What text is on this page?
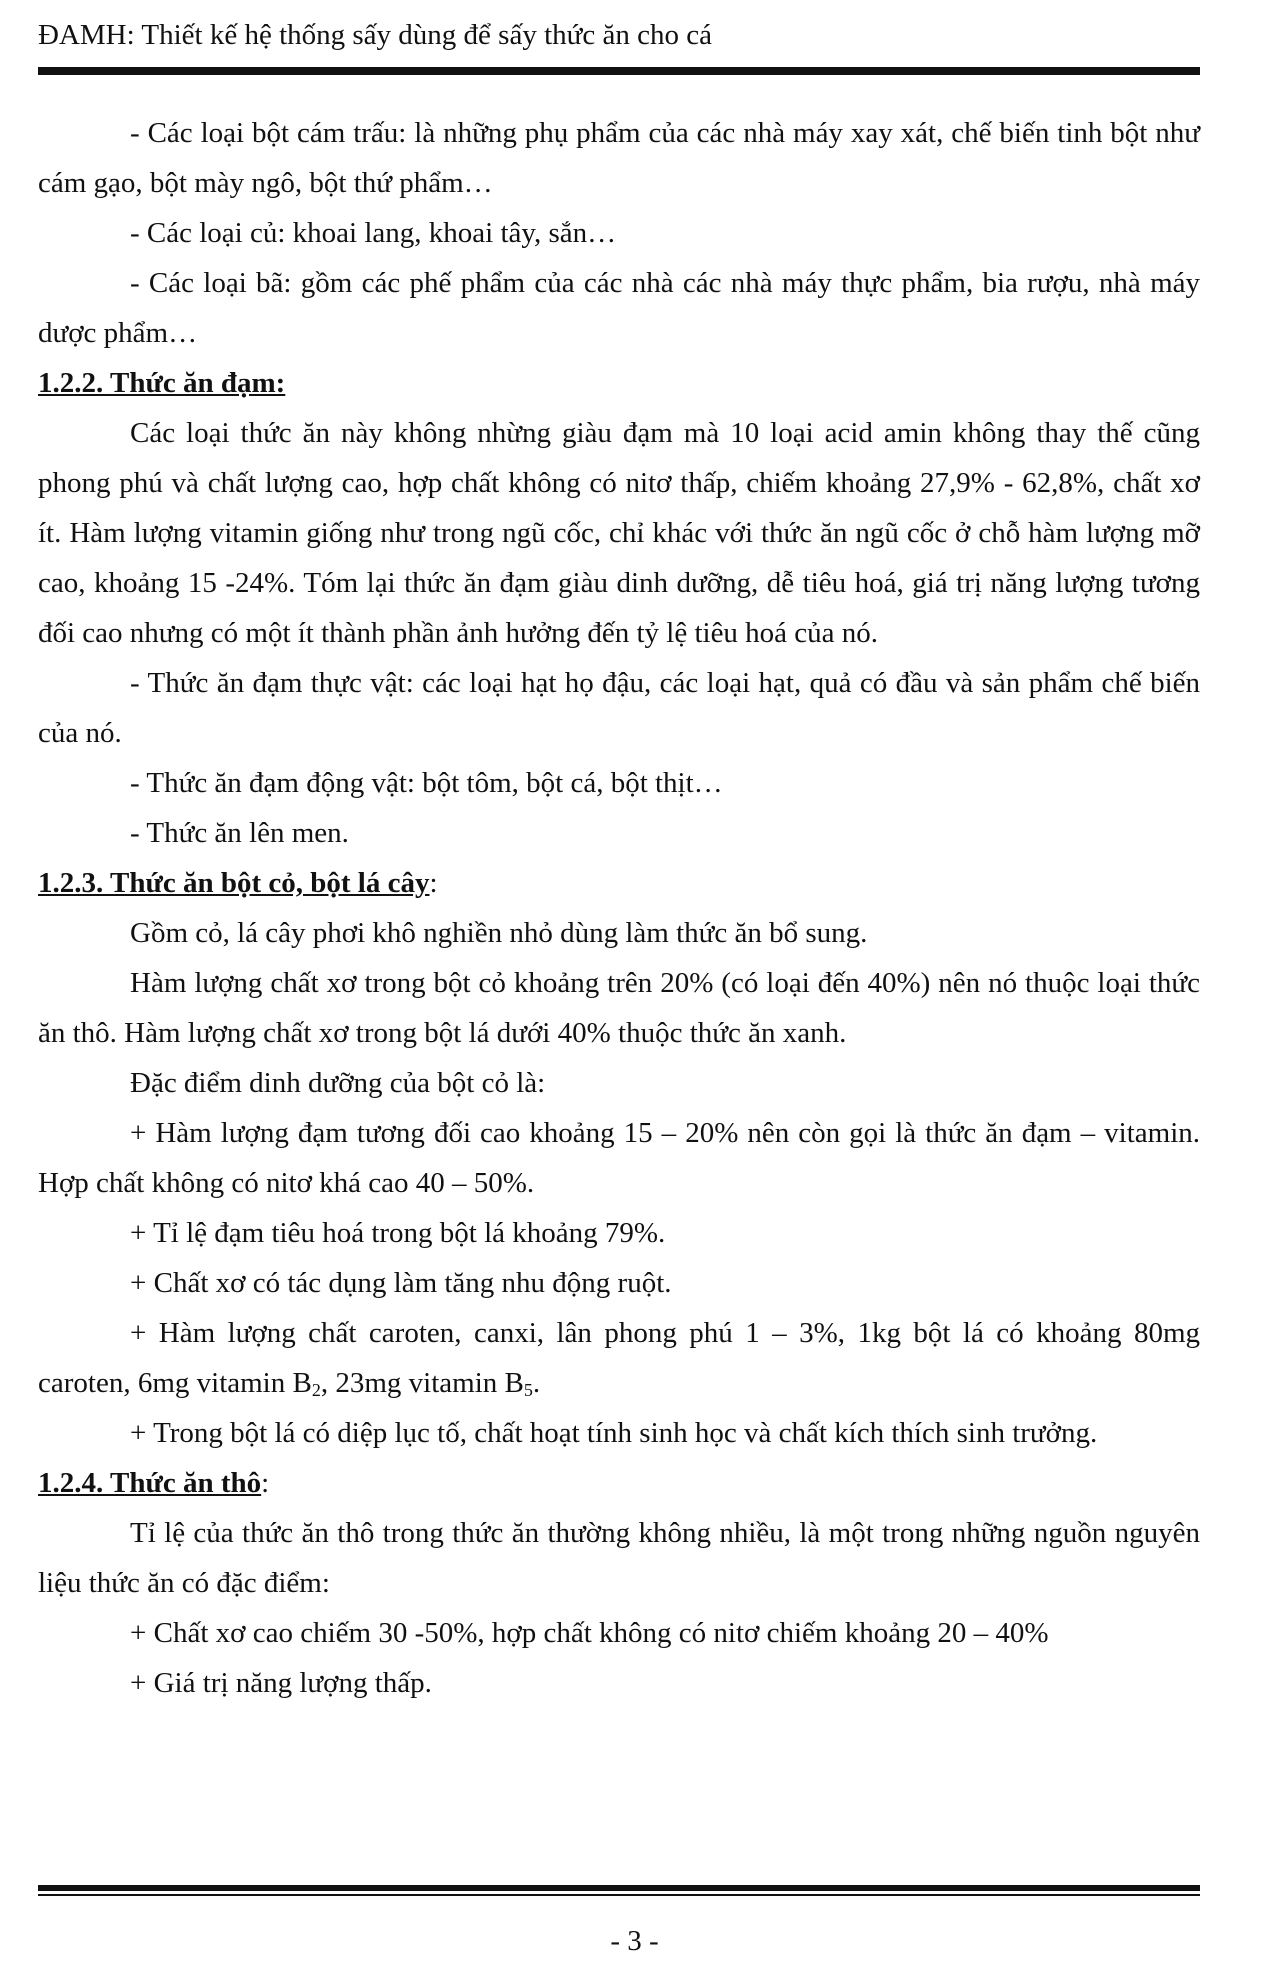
ĐAMH: Thiết kế hệ thống sấy dùng để sấy thức ăn cho cá

- Các loại bột cám trấu: là những phụ phẩm của các nhà máy xay xát, chế biến tinh bột như cám gạo, bột mày ngô, bột thứ phẩm…

- Các loại củ: khoai lang, khoai tây, sắn…

- Các loại bã: gồm các phế phẩm của các nhà các nhà máy thực phẩm, bia rượu, nhà máy dược phẩm…

1.2.2. Thức ăn đạm:

Các loại thức ăn này không nhừng giàu đạm mà 10 loại acid amin không thay thế cũng phong phú và chất lượng cao, hợp chất không có nitơ thấp, chiếm khoảng 27,9% - 62,8%, chất xơ ít. Hàm lượng vitamin giống như trong ngũ cốc, chỉ khác với thức ăn ngũ cốc ở chỗ hàm lượng mỡ cao, khoảng 15 -24%. Tóm lại thức ăn đạm giàu dinh dưỡng, dễ tiêu hoá, giá trị năng lượng tương đối cao nhưng có một ít thành phần ảnh hưởng đến tỷ lệ tiêu hoá của nó.

- Thức ăn đạm thực vật: các loại hạt họ đậu, các loại hạt, quả có đầu và sản phẩm chế biến của nó.

- Thức ăn đạm động vật: bột tôm, bột cá, bột thịt…

- Thức ăn lên men.

1.2.3. Thức ăn bột cỏ, bột lá cây:

Gồm cỏ, lá cây phơi khô nghiền nhỏ dùng làm thức ăn bổ sung.

Hàm lượng chất xơ trong bột cỏ khoảng trên 20% (có loại đến 40%) nên nó thuộc loại thức ăn thô. Hàm lượng chất xơ trong bột lá dưới 40% thuộc thức ăn xanh.

Đặc điểm dinh dưỡng của bột cỏ là:

+ Hàm lượng đạm tương đối cao khoảng 15 – 20% nên còn gọi là thức ăn đạm – vitamin. Hợp chất không có nitơ khá cao 40 – 50%.

+ Tỉ lệ đạm tiêu hoá trong bột lá khoảng 79%.

+ Chất xơ có tác dụng làm tăng nhu động ruột.

+ Hàm lượng chất caroten, canxi, lân phong phú 1 – 3%, 1kg bột lá có khoảng 80mg caroten, 6mg vitamin $B_2$, 23mg vitamin $B_5$.

+ Trong bột lá có diệp lục tố, chất hoạt tính sinh học và chất kích thích sinh trưởng.

1.2.4. Thức ăn thô:

Tỉ lệ của thức ăn thô trong thức ăn thường không nhiều, là một trong những nguồn nguyên liệu thức ăn có đặc điểm:

+ Chất xơ cao chiếm 30 -50%, hợp chất không có nitơ chiếm khoảng 20 – 40%

+ Giá trị năng lượng thấp.

- 3 -
